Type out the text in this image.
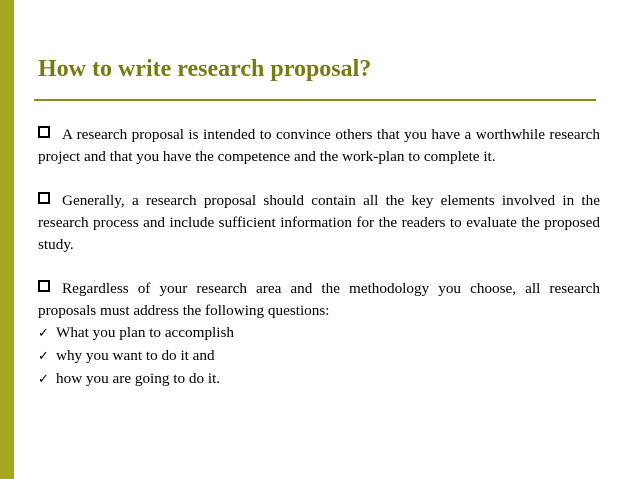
How to write research proposal?

A research proposal is intended to convince others that you have a worthwhile research project and that you have the competence and the work-plan to complete it.

Generally, a research proposal should contain all the key elements involved in the research process and include sufficient information for the readers to evaluate the proposed study.

Regardless of your research area and the methodology you choose, all research proposals must address the following questions:

✓ What you plan to accomplish
✓ why you want to do it and
✓ how you are going to do it.
